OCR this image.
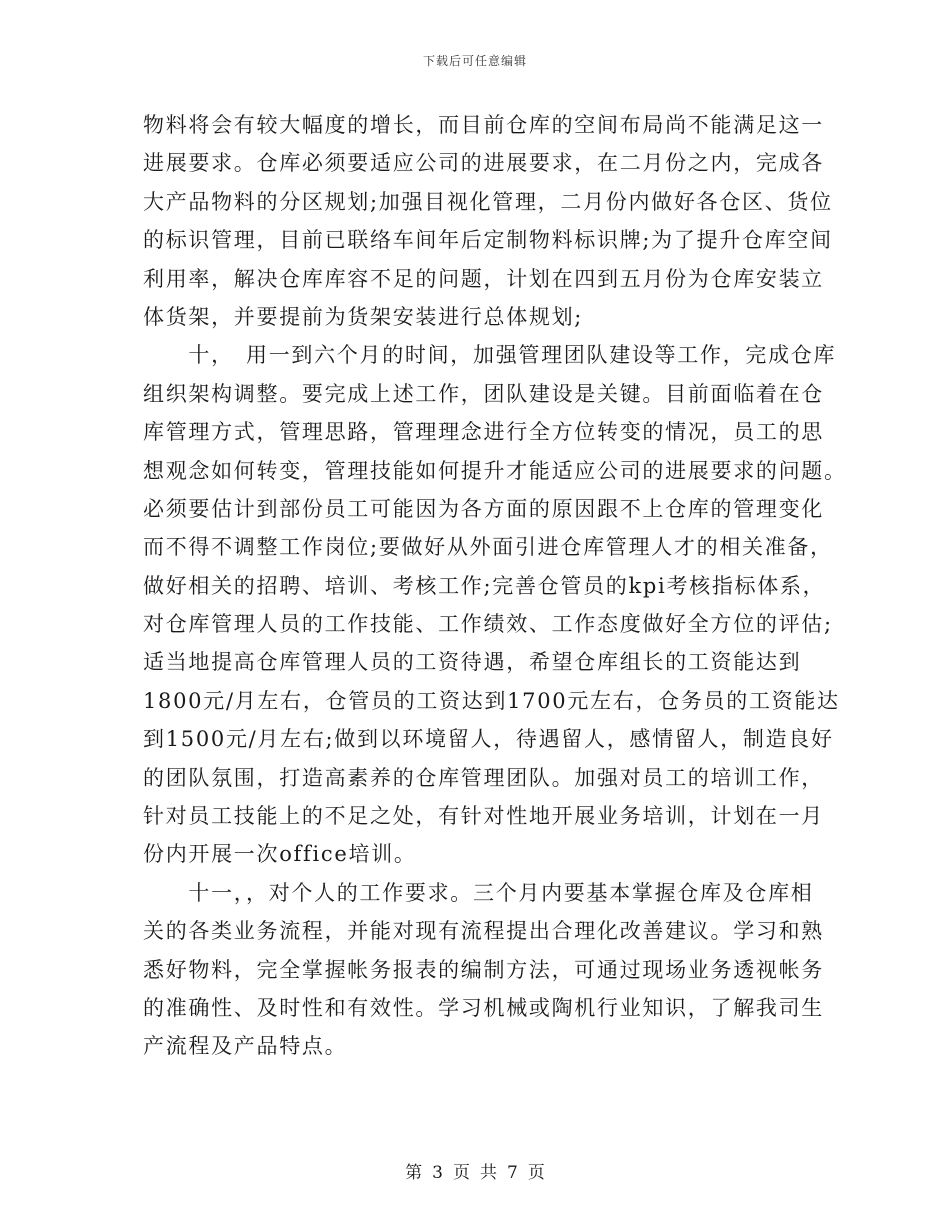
下载后可任意编辑
物料将会有较大幅度的增长，而目前仓库的空间布局尚不能满足这一
进展要求。仓库必须要适应公司的进展要求，在二月份之内，完成各
大产品物料的分区规划;加强目视化管理，二月份内做好各仓区、货位
的标识管理，目前已联络车间年后定制物料标识牌;为了提升仓库空间
利用率，解决仓库库容不足的问题，计划在四到五月份为仓库安装立
体货架，并要提前为货架安装进行总体规划;
　　十，　用一到六个月的时间，加强管理团队建设等工作，完成仓库
组织架构调整。要完成上述工作，团队建设是关键。目前面临着在仓
库管理方式，管理思路，管理理念进行全方位转变的情况，员工的思
想观念如何转变，管理技能如何提升才能适应公司的进展要求的问题。
必须要估计到部份员工可能因为各方面的原因跟不上仓库的管理变化
而不得不调整工作岗位;要做好从外面引进仓库管理人才的相关准备，
做好相关的招聘、培训、考核工作;完善仓管员的kpi考核指标体系，
对仓库管理人员的工作技能、工作绩效、工作态度做好全方位的评估;
适当地提高仓库管理人员的工资待遇，希望仓库组长的工资能达到
1800元/月左右，仓管员的工资达到1700元左右，仓务员的工资能达
到1500元/月左右;做到以环境留人，待遇留人，感情留人，制造良好
的团队氛围，打造高素养的仓库管理团队。加强对员工的培训工作，
针对员工技能上的不足之处，有针对性地开展业务培训，计划在一月
份内开展一次office培训。
　　十一，，对个人的工作要求。三个月内要基本掌握仓库及仓库相
关的各类业务流程，并能对现有流程提出合理化改善建议。学习和熟
悉好物料，完全掌握帐务报表的编制方法，可通过现场业务透视帐务
的准确性、及时性和有效性。学习机械或陶机行业知识，了解我司生
产流程及产品特点。
第 3 页 共 7 页
